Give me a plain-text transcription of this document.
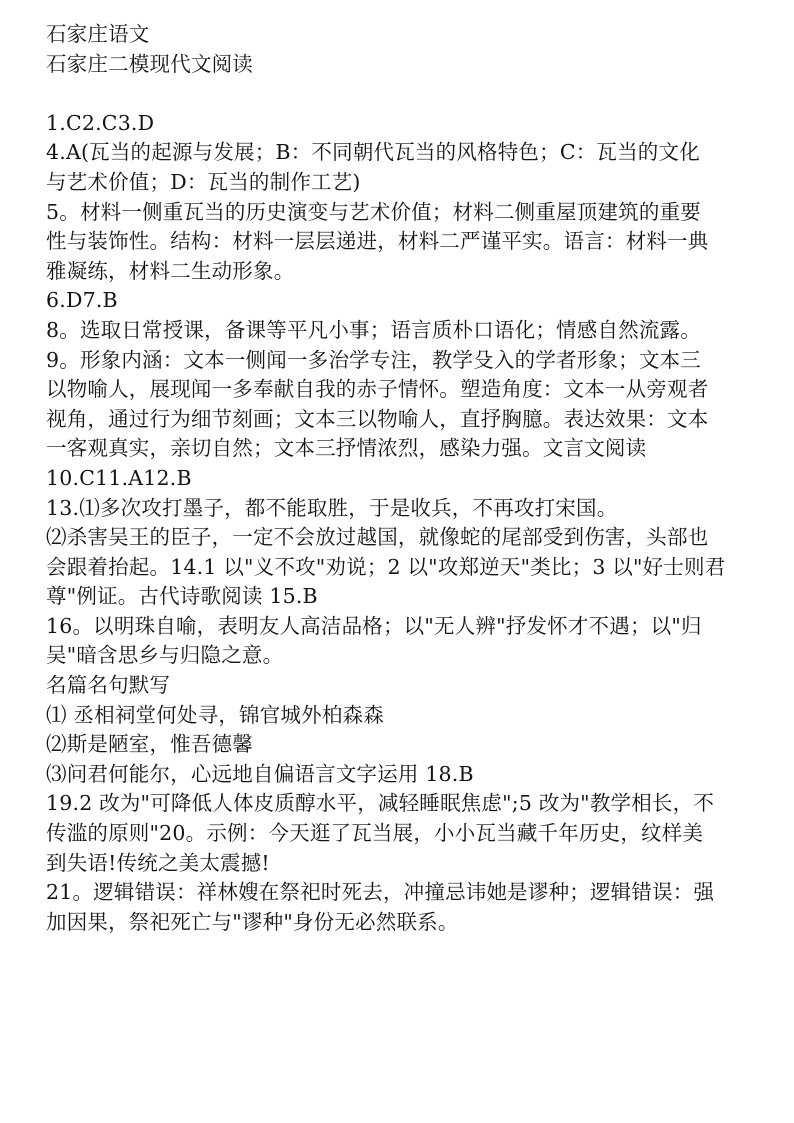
石家庄语文
石家庄二模现代文阅读
1.C2.C3.D
4.A(瓦当的起源与发展；B：不同朝代瓦当的风格特色；C：瓦当的文化
与艺术价值；D：瓦当的制作工艺)
5。材料一侧重瓦当的历史演变与艺术价值；材料二侧重屋顶建筑的重要
性与装饰性。结构：材料一层层递进，材料二严谨平实。语言：材料一典
雅凝练，材料二生动形象。
6.D7.B
8。选取日常授课，备课等平凡小事；语言质朴口语化；情感自然流露。
9。形象内涵：文本一侧闻一多治学专注，教学殳入的学者形象；文本三
以物喻人，展现闻一多奉献自我的赤子情怀。塑造角度：文本一从旁观者
视角，通过行为细节刻画；文本三以物喻人，直抒胸臆。表达效果：文本
一客观真实，亲切自然；文本三抒情浓烈，感染力强。文言文阅读
10.C11.A12.B
13.⑴多次攻打墨子，都不能取胜，于是收兵，不再攻打宋国。
⑵杀害吴王的臣子，一定不会放过越国，就像蛇的尾部受到伤害，头部也
会跟着抬起。14.1 以"义不攻"劝说；2 以"攻郑逆天"类比；3 以"好士则君
尊"例证。古代诗歌阅读 15.B
16。以明珠自喻，表明友人高洁品格；以"无人辨"抒发怀才不遇；以"归
吴"暗含思乡与归隐之意。
名篇名句默写
⑴ 丞相祠堂何处寻，锦官城外柏森森
⑵斯是陋室，惟吾德馨
⑶问君何能尔，心远地自偏语言文字运用 18.B
19.2 改为"可降低人体皮质醇水平，减轻睡眠焦虑";5 改为"教学相长，不
传滥的原则"20。示例：今天逛了瓦当展，小小瓦当藏千年历史，纹样美
到失语!传统之美太震撼!
21。逻辑错误：祥林嫂在祭祀时死去，冲撞忌讳她是谬种；逻辑错误：强
加因果，祭祀死亡与"谬种"身份无必然联系。
